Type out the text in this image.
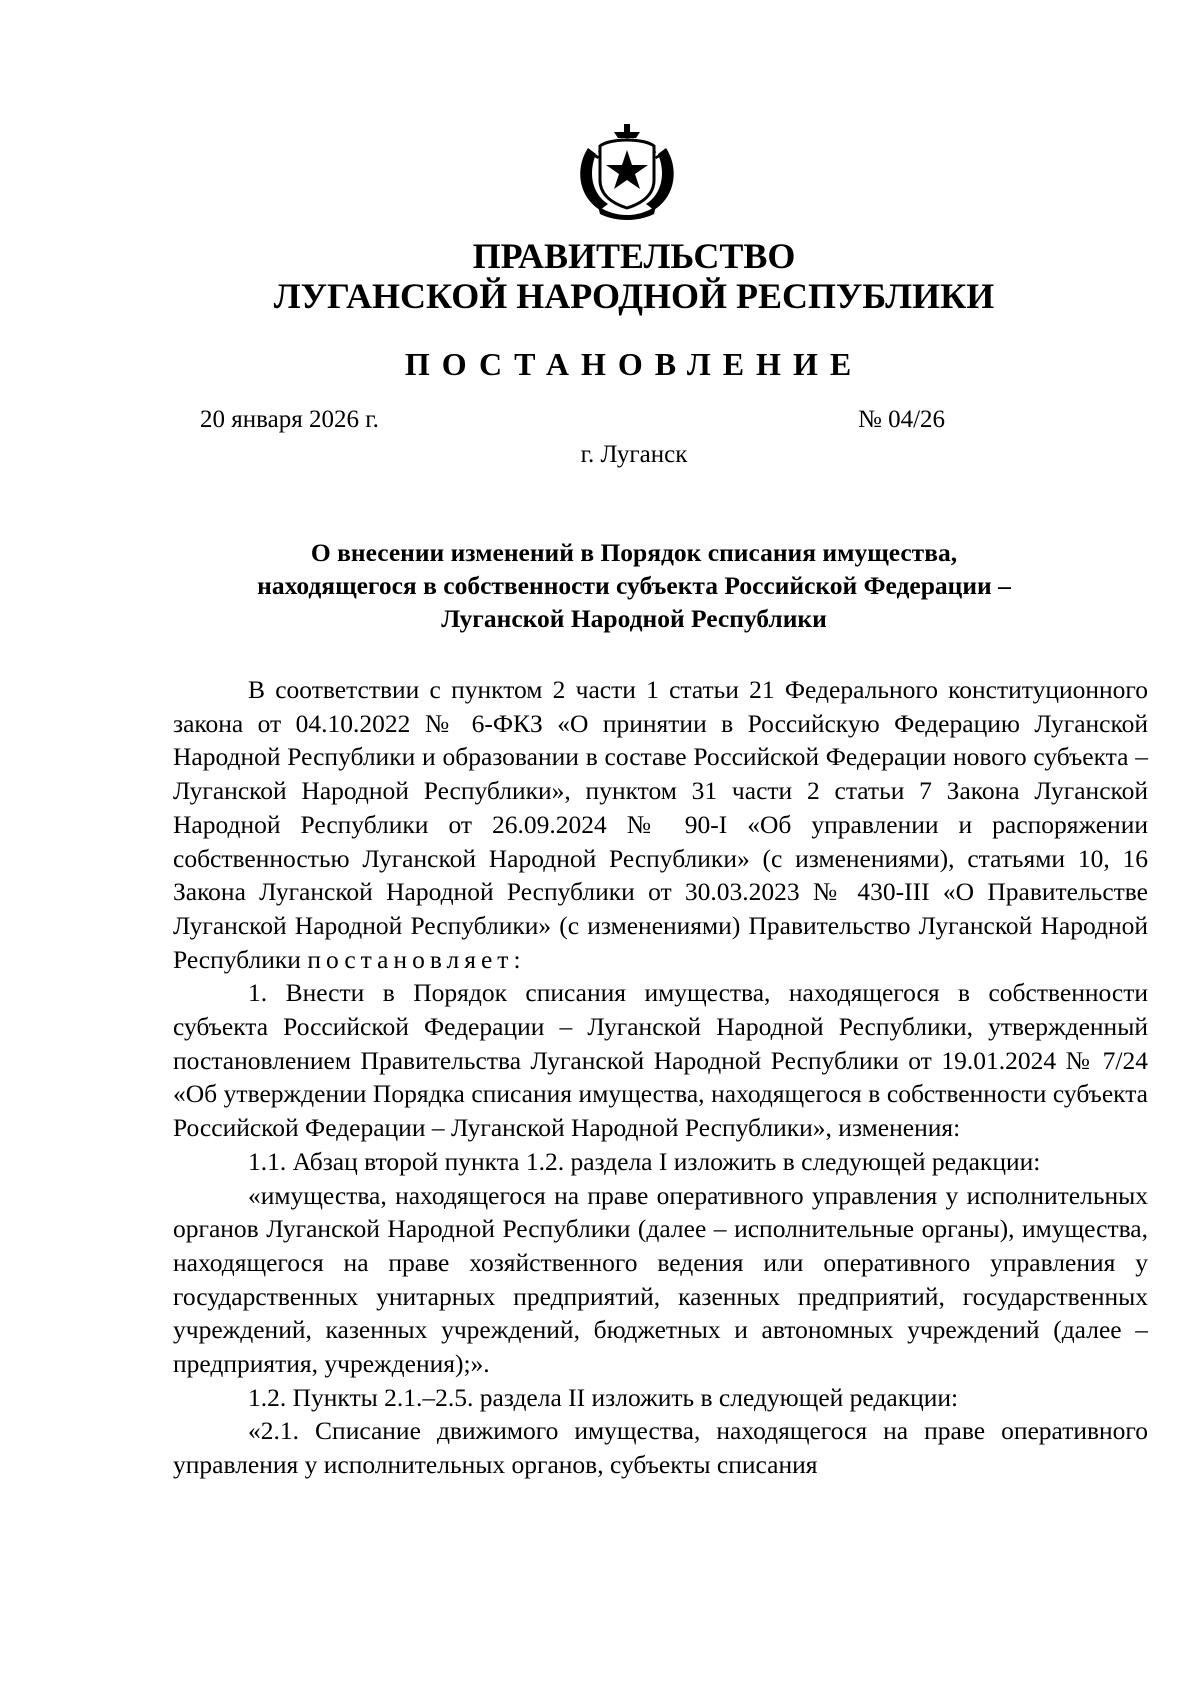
ПРАВИТЕЛЬСТВО
ЛУГАНСКОЙ НАРОДНОЙ РЕСПУБЛИКИ
ПОСТАНОВЛЕНИЕ
20 января 2026 г.	№ 04/26
г. Луганск
О внесении изменений в Порядок списания имущества,
находящегося в собственности субъекта Российской Федерации –
Луганской Народной Республики

В соответствии с пунктом 2 части 1 статьи 21 Федерального конституционного закона от 04.10.2022 № 6-ФКЗ «О принятии в Российскую Федерацию Луганской Народной Республики и образовании в составе Российской Федерации нового субъекта – Луганской Народной Республики», пунктом 31 части 2 статьи 7 Закона Луганской Народной Республики от 26.09.2024 № 90-I «Об управлении и распоряжении собственностью Луганской Народной Республики» (с изменениями), статьями 10, 16 Закона Луганской Народной Республики от 30.03.2023 № 430-III «О Правительстве Луганской Народной Республики» (с изменениями) Правительство Луганской Народной Республики постановляет:

1. Внести в Порядок списания имущества, находящегося в собственности субъекта Российской Федерации – Луганской Народной Республики, утвержденный постановлением Правительства Луганской Народной Республики от 19.01.2024 № 7/24 «Об утверждении Порядка списания имущества, находящегося в собственности субъекта Российской Федерации – Луганской Народной Республики», изменения:

1.1. Абзац второй пункта 1.2. раздела I изложить в следующей редакции:

«имущества, находящегося на праве оперативного управления у исполнительных органов Луганской Народной Республики (далее – исполнительные органы), имущества, находящегося на праве хозяйственного ведения или оперативного управления у государственных унитарных предприятий, казенных предприятий, государственных учреждений, казенных учреждений, бюджетных и автономных учреждений (далее – предприятия, учреждения);».

1.2. Пункты 2.1.–2.5. раздела II изложить в следующей редакции:

«2.1. Списание движимого имущества, находящегося на праве оперативного управления у исполнительных органов, субъекты списания
